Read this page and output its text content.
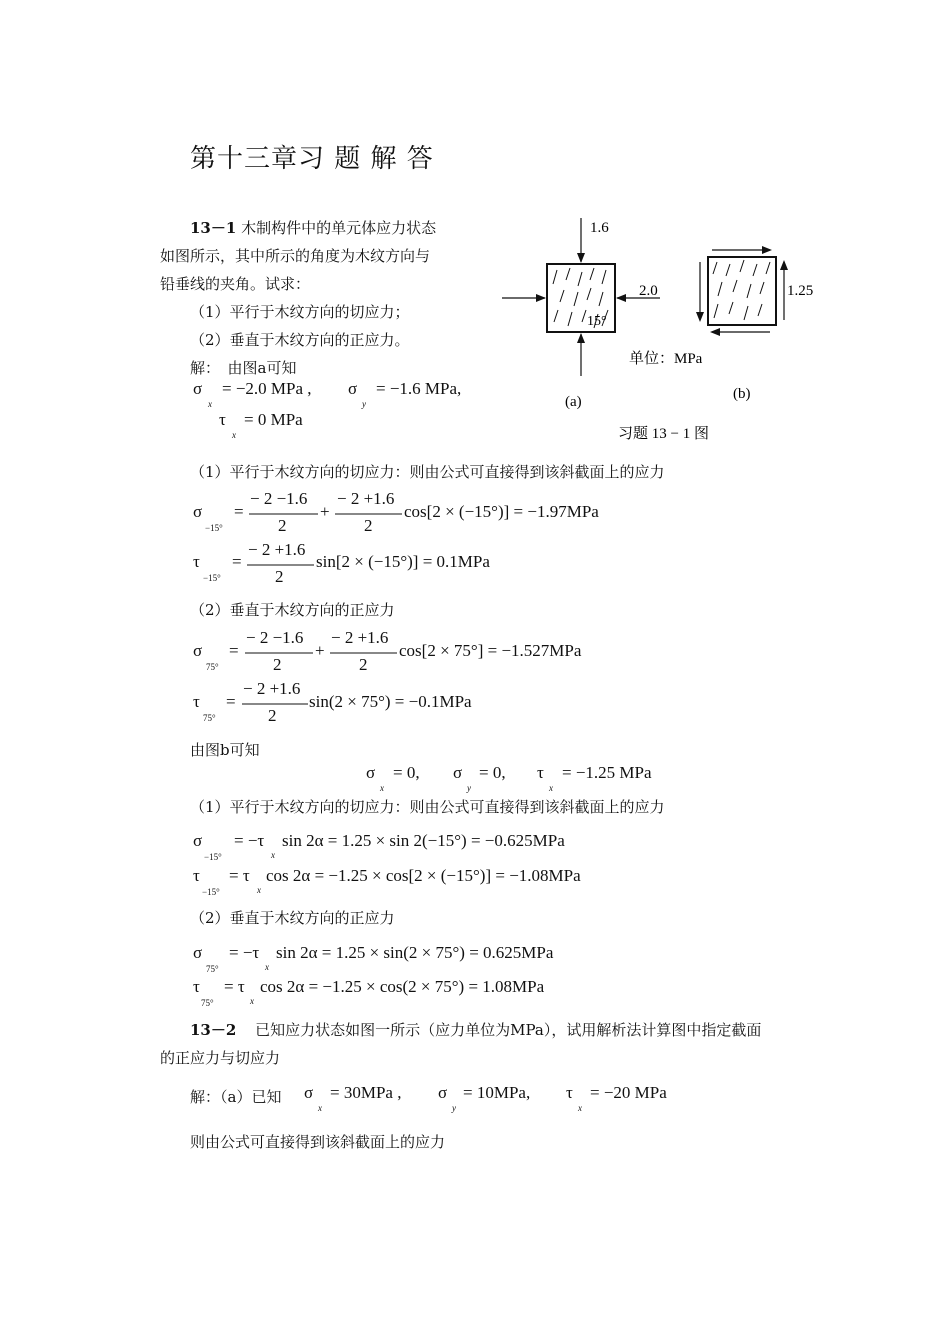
第十三章习 题 解 答
13－1 木制构件中的单元体应力状态
如图所示，其中所示的角度为木纹方向与
铅垂线的夹角。试求：
（1）平行于木纹方向的切应力；
（2）垂直于木纹方向的正应力。
解：　由图a可知
σ
x
= −2.0 MPa , σ
y
= −1.6 MPa,
τ
x
= 0 MPa
1.6
2.0
15°
单位：MPa
(a)
1.25
(b)
习题 13 − 1 图
（1）平行于木纹方向的切应力：则由公式可直接得到该斜截面上的应力
σ
−15°
=
− 2 −1.6
2
+
− 2 +1.6
2
cos[2 × (−15°)] = −1.97MPa
τ
−15°
=
− 2 +1.6
2
sin[2 × (−15°)] = 0.1MPa
（2）垂直于木纹方向的正应力
σ
75°
=
− 2 −1.6
2
+
− 2 +1.6
2
cos[2 × 75°] = −1.527MPa
τ
75°
=
− 2 +1.6
2
sin(2 × 75°) = −0.1MPa
由图b可知
σ
x
= 0, σ
y
= 0, τ
x
= −1.25 MPa
（1）平行于木纹方向的切应力：则由公式可直接得到该斜截面上的应力
σ
−15°
= −τ
x
sin 2α = 1.25 × sin 2(−15°) = −0.625MPa
τ
−15°
= τ
x
cos 2α = −1.25 × cos[2 × (−15°)] = −1.08MPa
（2）垂直于木纹方向的正应力
σ
75°
= −τ
x
sin 2α = 1.25 × sin(2 × 75°) = 0.625MPa
τ
75°
= τ
x
cos 2α = −1.25 × cos(2 × 75°) = 1.08MPa
13－2 已知应力状态如图一所示（应力单位为MPa），试用解析法计算图中指定截面
的正应力与切应力
解：（a）已知 σ
x
= 30MPa , σ
y
= 10MPa, τ
x
= −20 MPa
则由公式可直接得到该斜截面上的应力
